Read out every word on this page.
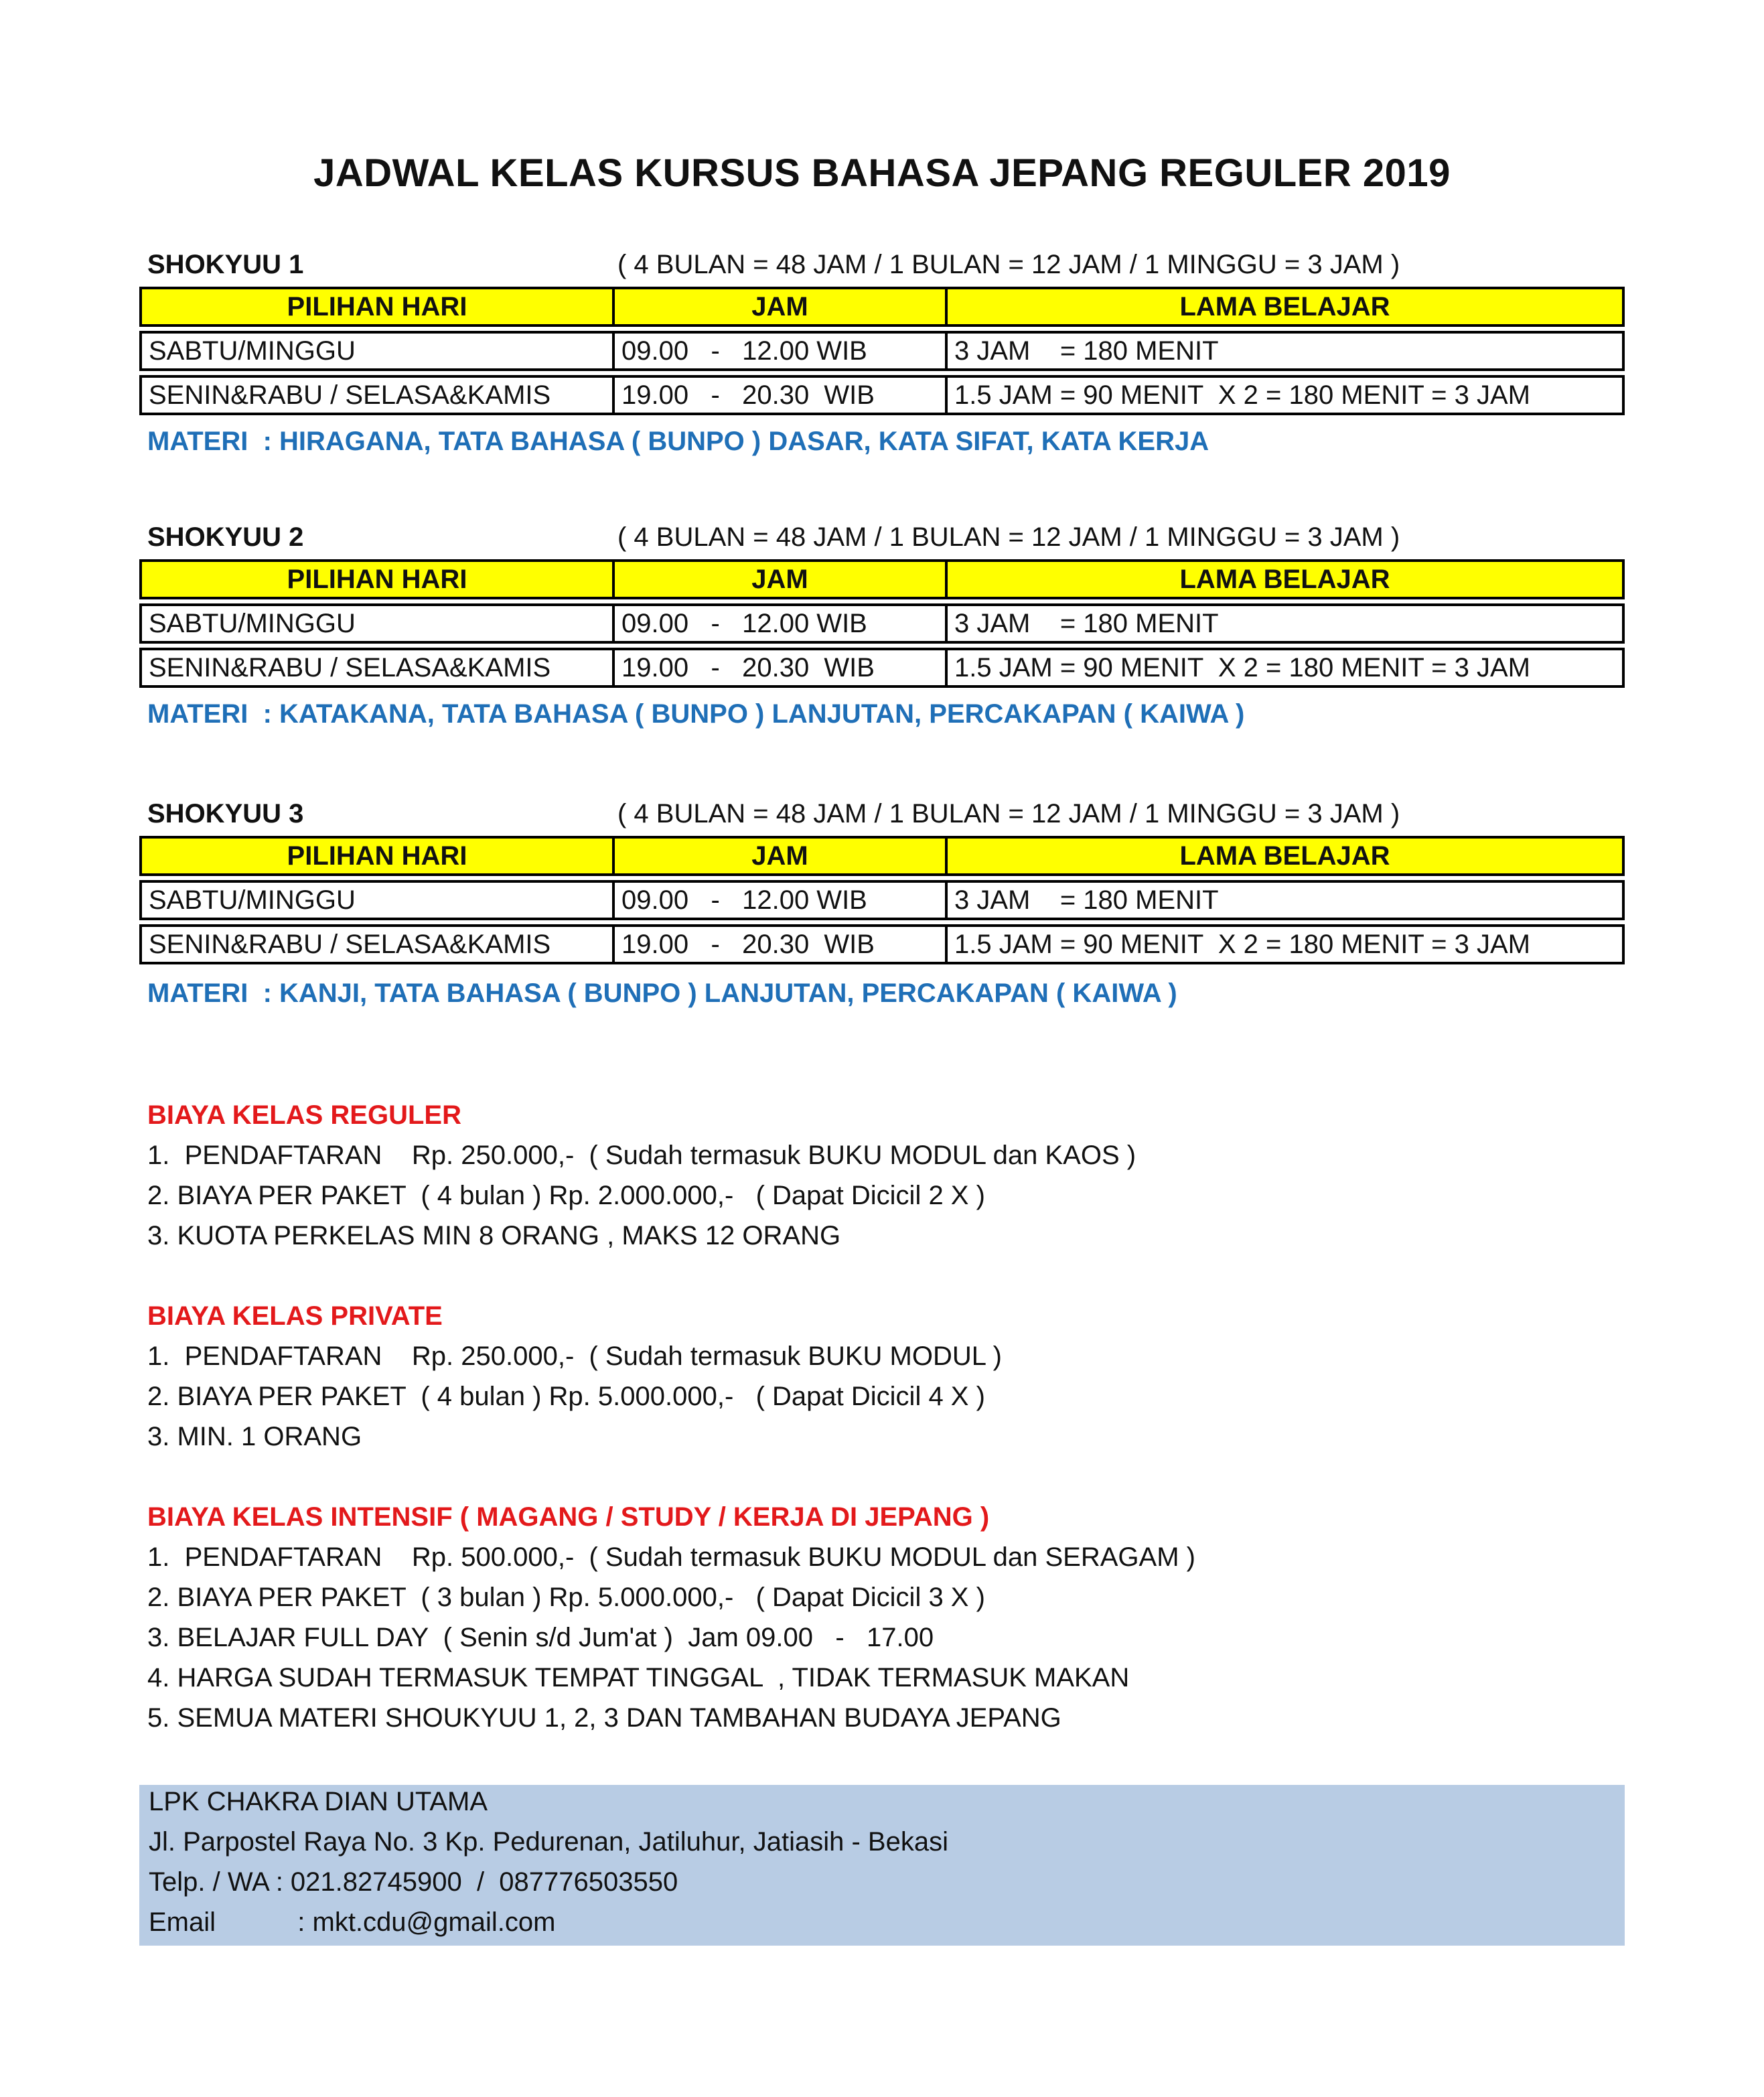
JADWAL KELAS KURSUS BAHASA JEPANG REGULER 2019
SHOKYUU 1	( 4 BULAN = 48 JAM / 1 BULAN = 12 JAM / 1 MINGGU = 3 JAM )
PILIHAN HARI	JAM	LAMA BELAJAR
SABTU/MINGGU	09.00   -   12.00 WIB	3 JAM    = 180 MENIT
SENIN&RABU / SELASA&KAMIS	19.00   -   20.30  WIB	1.5 JAM = 90 MENIT  X 2 = 180 MENIT = 3 JAM
MATERI  : HIRAGANA, TATA BAHASA ( BUNPO ) DASAR, KATA SIFAT, KATA KERJA
SHOKYUU 2	( 4 BULAN = 48 JAM / 1 BULAN = 12 JAM / 1 MINGGU = 3 JAM )
PILIHAN HARI	JAM	LAMA BELAJAR
SABTU/MINGGU	09.00   -   12.00 WIB	3 JAM    = 180 MENIT
SENIN&RABU / SELASA&KAMIS	19.00   -   20.30  WIB	1.5 JAM = 90 MENIT  X 2 = 180 MENIT = 3 JAM
MATERI  : KATAKANA, TATA BAHASA ( BUNPO ) LANJUTAN, PERCAKAPAN ( KAIWA )
SHOKYUU 3	( 4 BULAN = 48 JAM / 1 BULAN = 12 JAM / 1 MINGGU = 3 JAM )
PILIHAN HARI	JAM	LAMA BELAJAR
SABTU/MINGGU	09.00   -   12.00 WIB	3 JAM    = 180 MENIT
SENIN&RABU / SELASA&KAMIS	19.00   -   20.30  WIB	1.5 JAM = 90 MENIT  X 2 = 180 MENIT = 3 JAM
MATERI  : KANJI, TATA BAHASA ( BUNPO ) LANJUTAN, PERCAKAPAN ( KAIWA )
BIAYA KELAS REGULER
1.  PENDAFTARAN    Rp. 250.000,-  ( Sudah termasuk BUKU MODUL dan KAOS )
2. BIAYA PER PAKET  ( 4 bulan ) Rp. 2.000.000,-   ( Dapat Dicicil 2 X )
3. KUOTA PERKELAS MIN 8 ORANG , MAKS 12 ORANG
BIAYA KELAS PRIVATE
1.  PENDAFTARAN    Rp. 250.000,-  ( Sudah termasuk BUKU MODUL )
2. BIAYA PER PAKET  ( 4 bulan ) Rp. 5.000.000,-   ( Dapat Dicicil 4 X )
3. MIN. 1 ORANG
BIAYA KELAS INTENSIF ( MAGANG / STUDY / KERJA DI JEPANG )
1.  PENDAFTARAN    Rp. 500.000,-  ( Sudah termasuk BUKU MODUL dan SERAGAM )
2. BIAYA PER PAKET  ( 3 bulan ) Rp. 5.000.000,-   ( Dapat Dicicil 3 X )
3. BELAJAR FULL DAY  ( Senin s/d Jum'at )  Jam 09.00   -   17.00
4. HARGA SUDAH TERMASUK TEMPAT TINGGAL  , TIDAK TERMASUK MAKAN
5. SEMUA MATERI SHOUKYUU 1, 2, 3 DAN TAMBAHAN BUDAYA JEPANG
LPK CHAKRA DIAN UTAMA
Jl. Parpostel Raya No. 3 Kp. Pedurenan, Jatiluhur, Jatiasih - Bekasi
Telp. / WA : 021.82745900  /  087776503550
Email           : mkt.cdu@gmail.com
